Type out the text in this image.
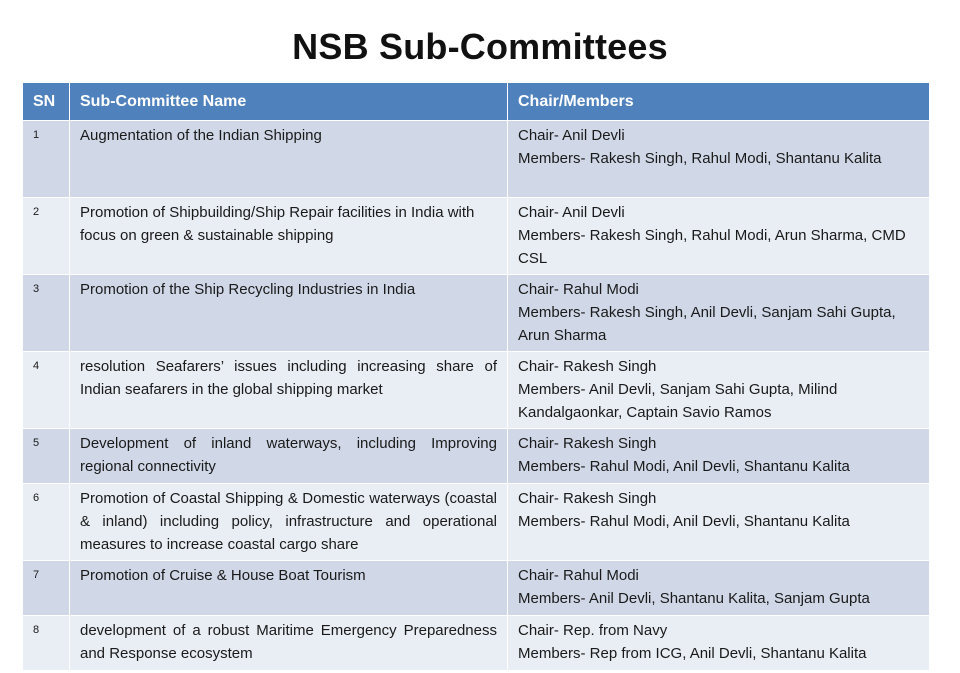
NSB Sub-Committees
SN	Sub-Committee Name	Chair/Members
1	Augmentation of the Indian Shipping	Chair- Anil Devli
Members- Rakesh Singh, Rahul Modi, Shantanu Kalita

2	Promotion of Shipbuilding/Ship Repair facilities in India with focus on green & sustainable shipping	Chair- Anil Devli
Members- Rakesh Singh, Rahul Modi, Arun Sharma, CMD CSL

3	Promotion of the Ship Recycling Industries in India	Chair- Rahul Modi
Members- Rakesh Singh, Anil Devli, Sanjam Sahi Gupta, Arun Sharma

4	resolution Seafarers’ issues including increasing share of Indian seafarers in the global shipping market	Chair- Rakesh Singh
Members- Anil Devli, Sanjam Sahi Gupta, Milind Kandalgaonkar, Captain Savio Ramos

5	Development of inland waterways, including Improving regional connectivity	Chair- Rakesh Singh
Members- Rahul Modi, Anil Devli, Shantanu Kalita

6	Promotion of Coastal Shipping & Domestic waterways (coastal & inland) including policy, infrastructure and operational measures to increase coastal cargo share	Chair- Rakesh Singh
Members- Rahul Modi, Anil Devli, Shantanu Kalita

7	Promotion of Cruise & House Boat Tourism	Chair- Rahul Modi
Members- Anil Devli, Shantanu Kalita, Sanjam Gupta

8	development of a robust Maritime Emergency Preparedness and Response ecosystem	Chair- Rep. from Navy
Members- Rep from ICG, Anil Devli, Shantanu Kalita
